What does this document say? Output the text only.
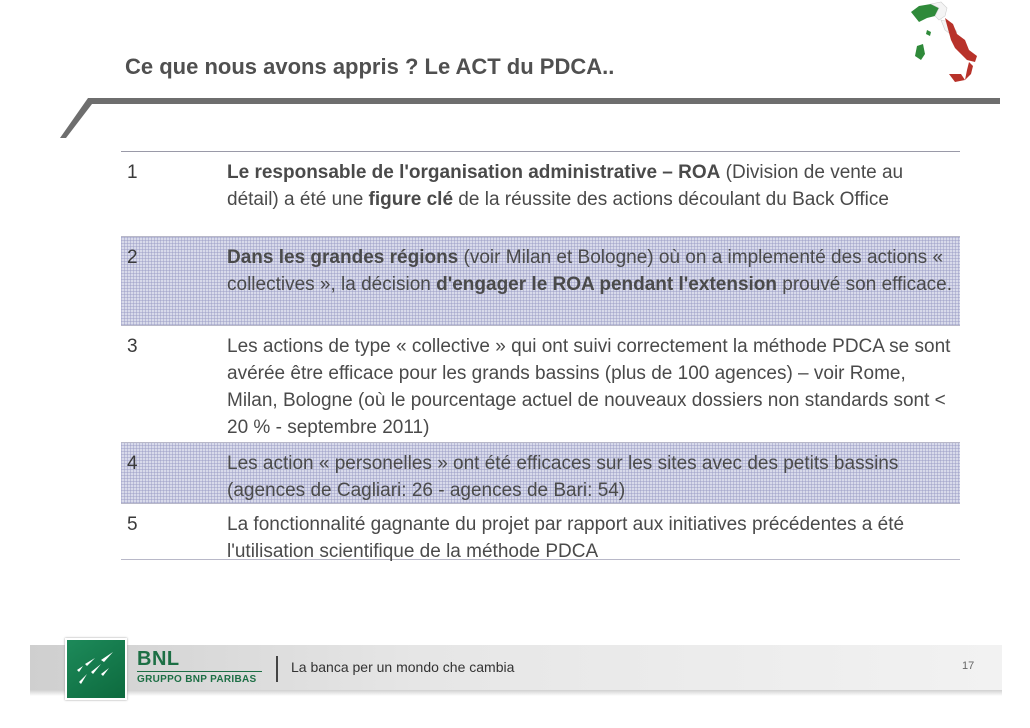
Ce que nous avons appris ? Le ACT du PDCA..
1	Le responsable de l'organisation administrative – ROA (Division de vente au détail) a été une figure clé de la réussite des actions découlant du Back Office
2	Dans les grandes régions (voir Milan et Bologne) où on a implementé des actions « collectives », la décision d'engager le ROA pendant l'extension prouvé son efficace.
3	Les actions de type « collective » qui ont suivi correctement la méthode PDCA se sont avérée être efficace pour les grands bassins (plus de 100 agences) – voir Rome, Milan, Bologne (où le pourcentage actuel de nouveaux dossiers non standards sont < 20 % - septembre 2011)
4	Les action « personelles » ont été efficaces sur les sites avec des petits bassins (agences de Cagliari: 26 - agences de Bari: 54)
5	La fonctionnalité gagnante du projet par rapport aux initiatives précédentes a été l'utilisation scientifique de la méthode PDCA
BNL
GRUPPO BNP PARIBAS
La banca per un mondo che cambia	17
